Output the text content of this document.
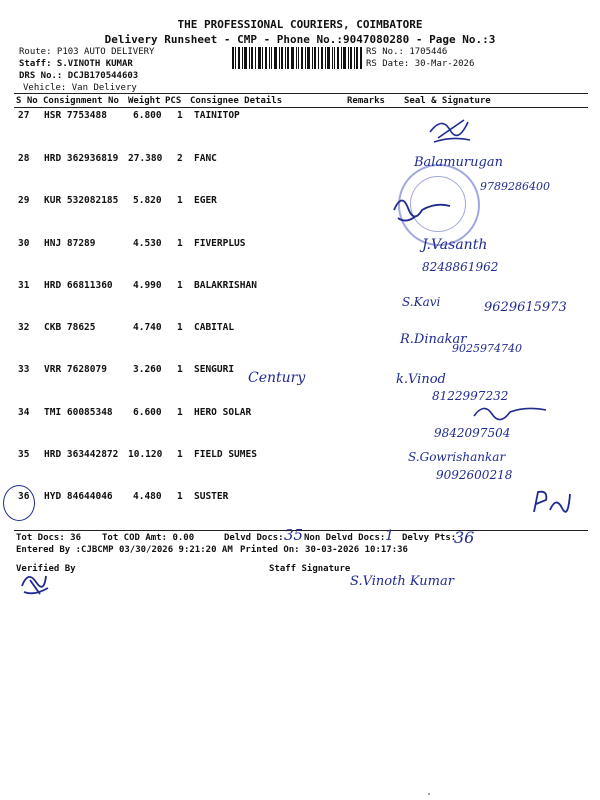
THE PROFESSIONAL COURIERS, COIMBATORE
Delivery Runsheet - CMP - Phone No.:9047080280 - Page No.:3
Route: P103 AUTO DELIVERY
Staff: S.VINOTH KUMAR
DRS No.: DCJB170544603
Vehicle: Van Delivery
RS No.: 1705446
RS Date: 30-Mar-2026
S No Consignment No Weight PCS Consignee Details	Remarks Seal & Signature
27 HSR 7753488	6.800 1 TAINITOP
28 HRD 362936819 27.380 2 FANC
29 KUR 532082185 5.820 1 EGER
30 HNJ 87289	4.530 1 FIVERPLUS
31 HRD 66811360 4.990 1 BALAKRISHAN
32 CKB 78625	4.740 1 CABITAL
33 VRR 7628079	3.260 1 SENGURI
34 TMI 60085348 6.600 1 HERO SOLAR
35 HRD 363442872 10.120 1 FIELD SUMES
36 HYD 84644046 4.480 1 SUSTER
Balamurugan
9789286400
J.Vasanth
8248861962
S.Kavi	9629615973
R.Dinakar
9025974740
Century	k.Vinod
8122997232
9842097504
S.Gowrishankar
9092600218
Tot Docs: 36 Tot COD Amt: 0.00	Delvd Docs: 35 Non Delvd Docs: 1 Delvy Pts:
36
Entered By :CJBCMP 03/30/2026 9:21:20 AM Printed On: 30-03-2026 10:17:36
Verified By	Staff Signature
S.Vinoth Kumar
